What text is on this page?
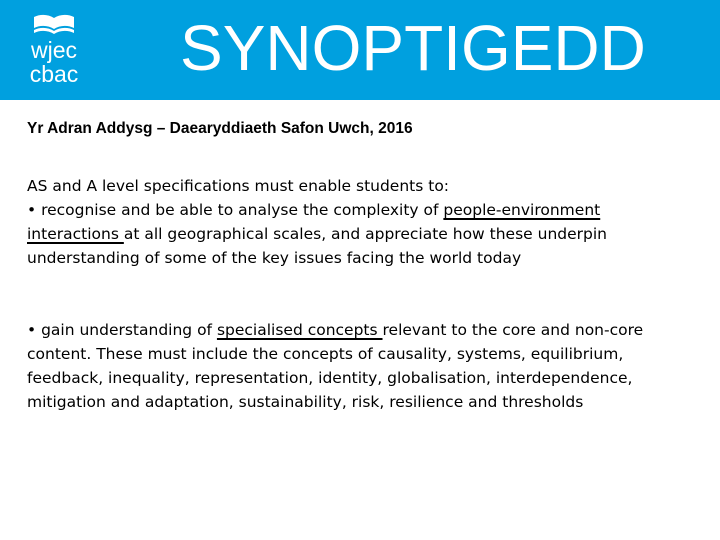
wjec
cbac SYNOPTIGEDD
Yr Adran Addysg – Daearyddiaeth Safon Uwch, 2016
AS and A level specifications must enable students to:
• recognise and be able to analyse the complexity of people-environment interactions at all geographical scales, and appreciate how these underpin understanding of some of the key issues facing the world today
• gain understanding of specialised concepts relevant to the core and non-core content. These must include the concepts of causality, systems, equilibrium, feedback, inequality, representation, identity, globalisation, interdependence, mitigation and adaptation, sustainability, risk, resilience and thresholds
